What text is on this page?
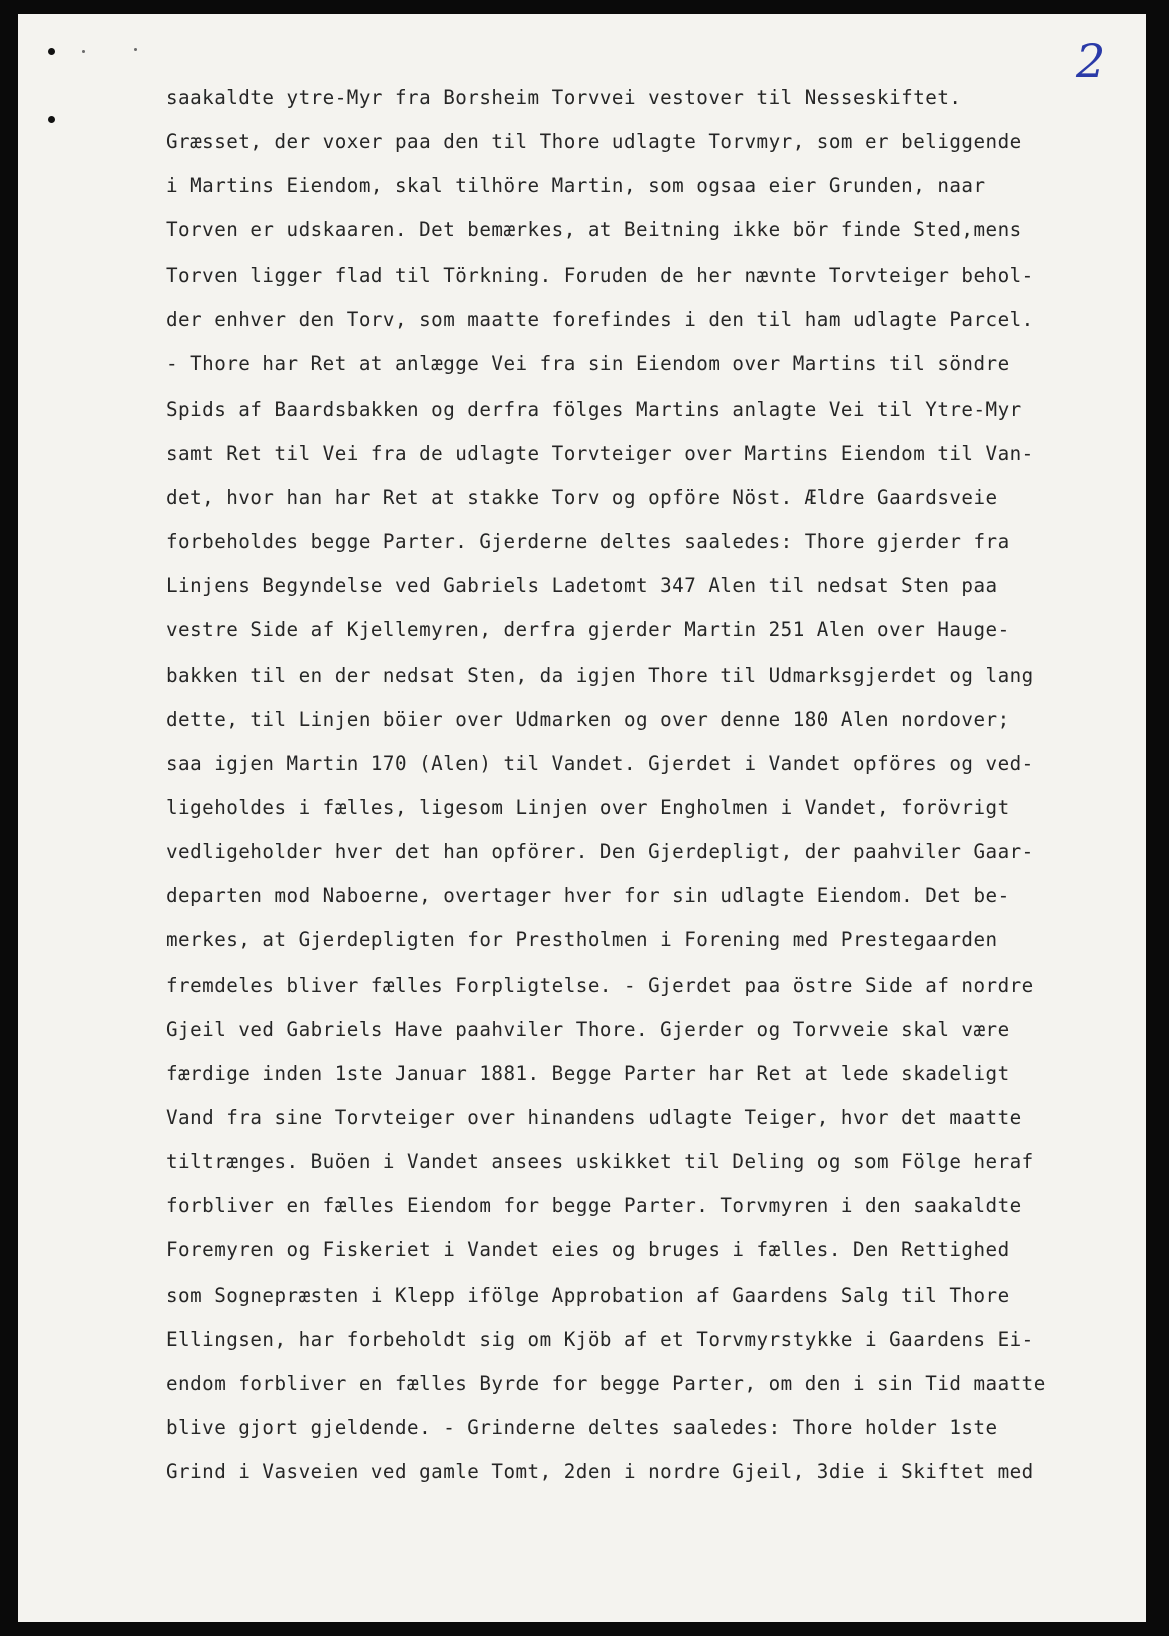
2
saakaldte ytre-Myr fra Borsheim Torvvei vestover til Nesseskiftet.
Græsset, der voxer paa den til Thore udlagte Torvmyr, som er beliggende
i Martins Eiendom, skal tilhöre Martin, som ogsaa eier Grunden, naar
Torven er udskaaren. Det bemærkes, at Beitning ikke bör finde Sted,mens
Torven ligger flad til Törkning. Foruden de her nævnte Torvteiger behol-
der enhver den Torv, som maatte forefindes i den til ham udlagte Parcel.
- Thore har Ret at anlægge Vei fra sin Eiendom over Martins til söndre
Spids af Baardsbakken og derfra fölges Martins anlagte Vei til Ytre-Myr
samt Ret til Vei fra de udlagte Torvteiger over Martins Eiendom til Van-
det, hvor han har Ret at stakke Torv og opföre Nöst. Ældre Gaardsveie
forbeholdes begge Parter. Gjerderne deltes saaledes: Thore gjerder fra
Linjens Begyndelse ved Gabriels Ladetomt 347 Alen til nedsat Sten paa
vestre Side af Kjellemyren, derfra gjerder Martin 251 Alen over Hauge-
bakken til en der nedsat Sten, da igjen Thore til Udmarksgjerdet og lang
dette, til Linjen böier over Udmarken og over denne 180 Alen nordover;
saa igjen Martin 170 (Alen) til Vandet. Gjerdet i Vandet opföres og ved-
ligeholdes i fælles, ligesom Linjen over Engholmen i Vandet, forövrigt
vedligeholder hver det han opförer. Den Gjerdepligt, der paahviler Gaar-
departen mod Naboerne, overtager hver for sin udlagte Eiendom. Det be-
merkes, at Gjerdepligten for Prestholmen i Forening med Prestegaarden
fremdeles bliver fælles Forpligtelse. - Gjerdet paa östre Side af nordre
Gjeil ved Gabriels Have paahviler Thore. Gjerder og Torvveie skal være
færdige inden 1ste Januar 1881. Begge Parter har Ret at lede skadeligt
Vand fra sine Torvteiger over hinandens udlagte Teiger, hvor det maatte
tiltrænges. Buöen i Vandet ansees uskikket til Deling og som Fölge heraf
forbliver en fælles Eiendom for begge Parter. Torvmyren i den saakaldte
Foremyren og Fiskeriet i Vandet eies og bruges i fælles. Den Rettighed
som Sognepræsten i Klepp ifölge Approbation af Gaardens Salg til Thore
Ellingsen, har forbeholdt sig om Kjöb af et Torvmyrstykke i Gaardens Ei-
endom forbliver en fælles Byrde for begge Parter, om den i sin Tid maatte
blive gjort gjeldende. - Grinderne deltes saaledes: Thore holder 1ste
Grind i Vasveien ved gamle Tomt, 2den i nordre Gjeil, 3die i Skiftet med
